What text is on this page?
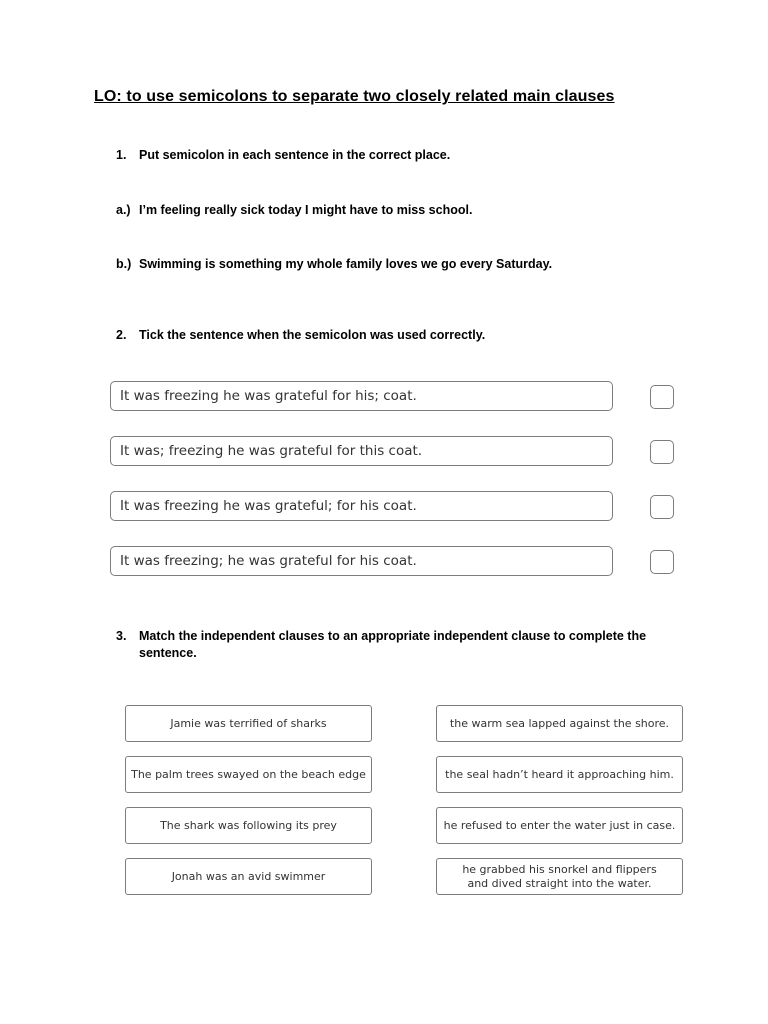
LO: to use semicolons to separate two closely related main clauses
1. Put semicolon in each sentence in the correct place.
a.) I’m feeling really sick today I might have to miss school.
b.) Swimming is something my whole family loves we go every Saturday.
2. Tick the sentence when the semicolon was used correctly.
It was freezing he was grateful for his; coat.
It was; freezing he was grateful for this coat.
It was freezing he was grateful; for his coat.
It was freezing; he was grateful for his coat.
3. Match the independent clauses to an appropriate independent clause to complete the sentence.
Jamie was terrified of sharks
The palm trees swayed on the beach edge
The shark was following its prey
Jonah was an avid swimmer
the warm sea lapped against the shore.
the seal hadn’t heard it approaching him.
he refused to enter the water just in case.
he grabbed his snorkel and flippers
and dived straight into the water.
